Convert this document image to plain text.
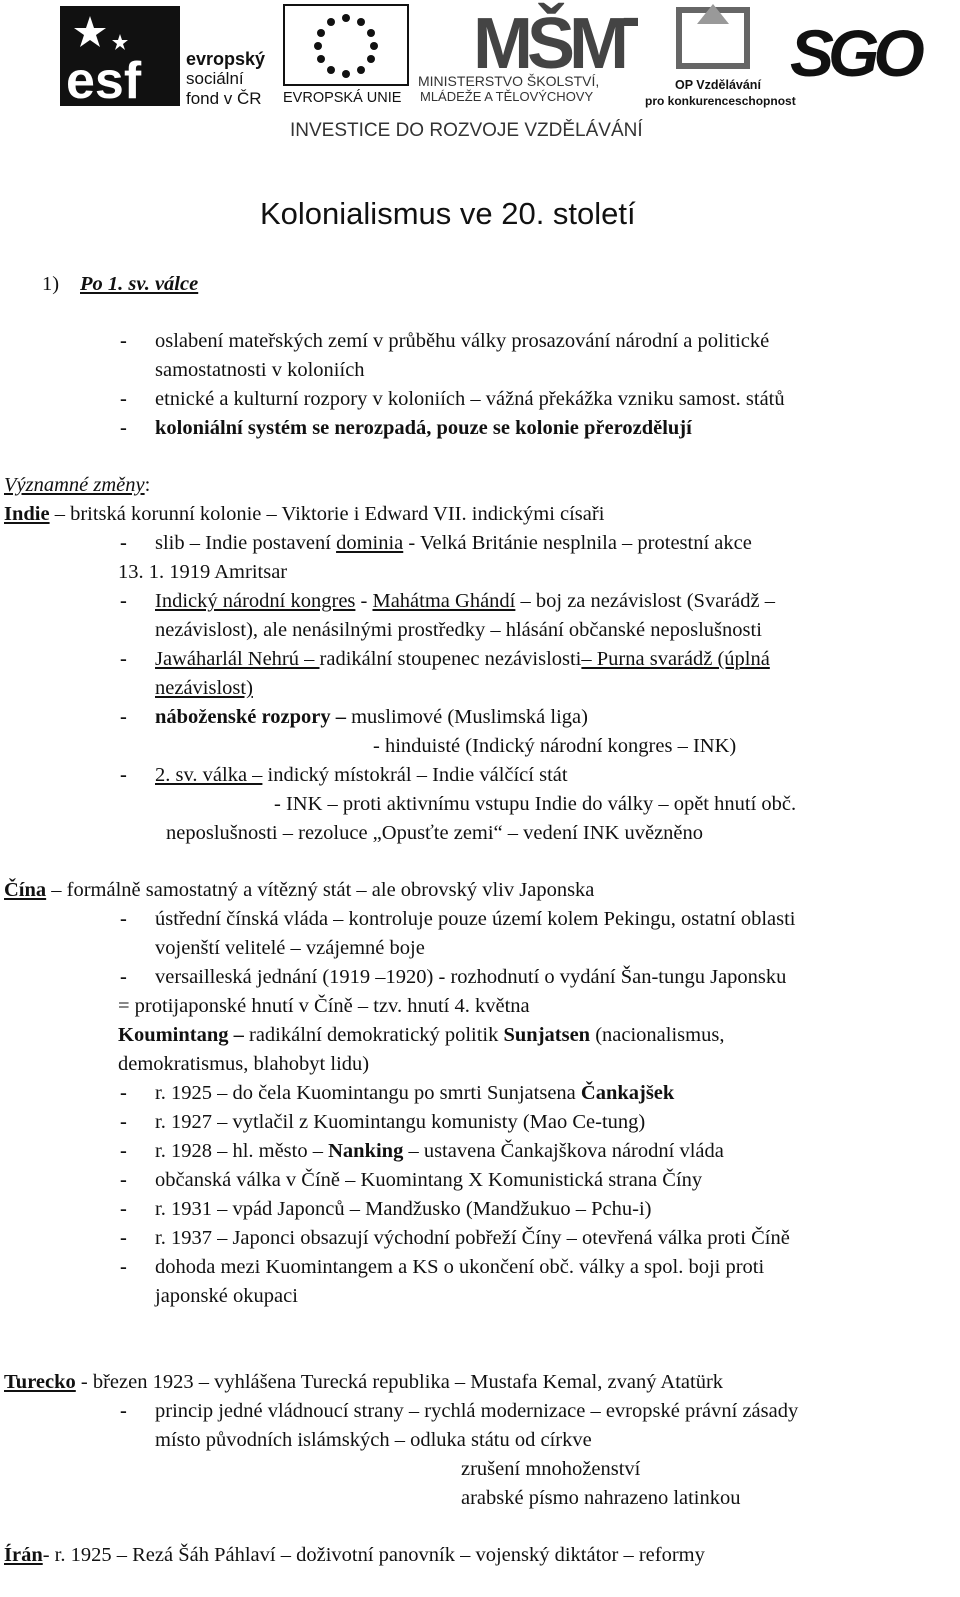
esf evropský
sociální
fond v ČR EVROPSKÁ UNIE
MŠM
MINISTERSTVO ŠKOLSTVÍ,
MLÁDEŽE A TĚLOVÝCHOVY
OP Vzdělávání
pro konkurenceschopnost
SGO
INVESTICE DO ROZVOJE VZDĚLÁVÁNÍ
Kolonialismus ve 20. století
1) Po 1. sv. válce
- oslabení mateřských zemí v průběhu války prosazování národní a politické
samostatnosti v koloniích
- etnické a kulturní rozpory v koloniích – vážná překážka vzniku samost. států
- koloniální systém se nerozpadá, pouze se kolonie přerozdělují
Významné změny:
Indie – britská korunní kolonie – Viktorie i Edward VII. indickými císaři
- slib – Indie postavení dominia - Velká Británie nesplnila – protestní akce
13. 1. 1919 Amritsar
- Indický národní kongres - Mahátma Ghándí – boj za nezávislost (Svarádž –
nezávislost), ale nenásilnými prostředky – hlásání občanské neposlušnosti
- Jawáharlál Nehrú – radikální stoupenec nezávislosti– Purna svarádž (úplná
nezávislost)
- náboženské rozpory – muslimové (Muslimská liga)
- hinduisté (Indický národní kongres – INK)
- 2. sv. válka – indický místokrál – Indie válčící stát
- INK – proti aktivnímu vstupu Indie do války – opět hnutí obč.
neposlušnosti – rezoluce „Opusťte zemi“ – vedení INK uvězněno
Čína – formálně samostatný a vítězný stát – ale obrovský vliv Japonska
- ústřední čínská vláda – kontroluje pouze území kolem Pekingu, ostatní oblasti
vojenští velitelé – vzájemné boje
- versailleská jednání (1919 –1920) - rozhodnutí o vydání Šan-tungu Japonsku
= protijaponské hnutí v Číně – tzv. hnutí 4. května
Koumintang – radikální demokratický politik Sunjatsen (nacionalismus,
demokratismus, blahobyt lidu)
- r. 1925 – do čela Kuomintangu po smrti Sunjatsena Čankajšek
- r. 1927 – vytlačil z Kuomintangu komunisty (Mao Ce-tung)
- r. 1928 – hl. město – Nanking – ustavena Čankajškova národní vláda
- občanská válka v Číně – Kuomintang X Komunistická strana Číny
- r. 1931 – vpád Japonců – Mandžusko (Mandžukuo – Pchu-i)
- r. 1937 – Japonci obsazují východní pobřeží Číny – otevřená válka proti Číně
- dohoda mezi Kuomintangem a KS o ukončení obč. války a spol. boji proti
japonské okupaci
Turecko - březen 1923 – vyhlášena Turecká republika – Mustafa Kemal, zvaný Atatürk
- princip jedné vládnoucí strany – rychlá modernizace – evropské právní zásady
místo původních islámských – odluka státu od církve
zrušení mnohoženství
arabské písmo nahrazeno latinkou
Írán- r. 1925 – Rezá Šáh Páhlaví – doživotní panovník – vojenský diktátor – reformy
